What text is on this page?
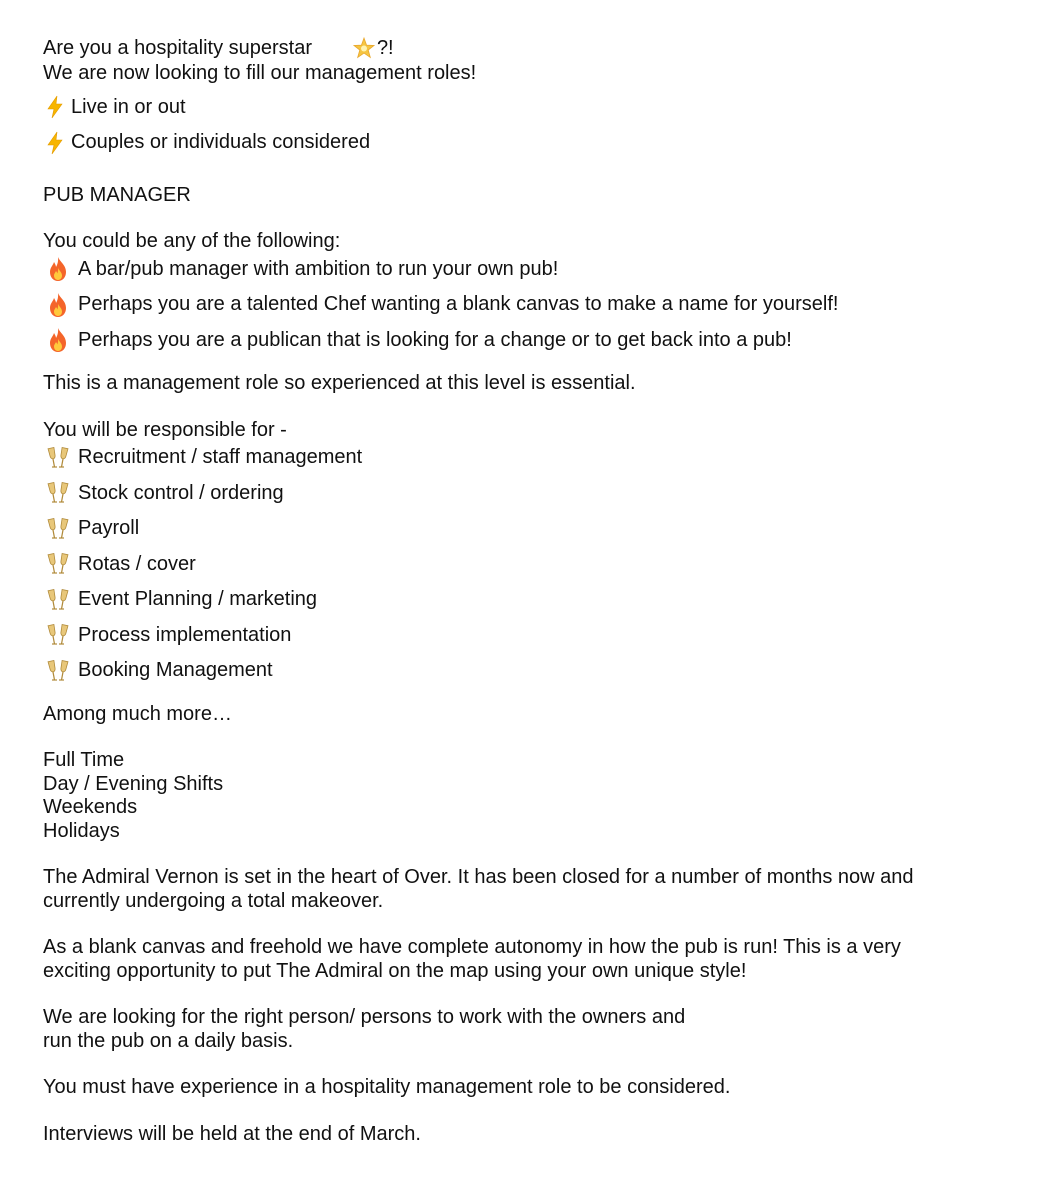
Are you a hospitality superstar

	?!
We are now looking to fill our management roles!
Live in or out
Couples or individuals considered
PUB MANAGER
You could be any of the following:
A bar/pub manager with ambition to run your own pub!
Perhaps you are a talented Chef wanting a blank canvas to make a name for yourself!
Perhaps you are a publican that is looking for a change or to get back into a pub!
This is a management role so experienced at this level is essential.
You will be responsible for -
Recruitment / staff management
Stock control / ordering
Payroll
Rotas / cover
Event Planning / marketing
Process implementation
Booking Management
Among much more…
Full Time
Day / Evening Shifts
Weekends
Holidays
The Admiral Vernon is set in the heart of Over. It has been closed for a number of months now and
currently undergoing a total makeover.
As a blank canvas and freehold we have complete autonomy in how the pub is run! This is a very
exciting opportunity to put The Admiral on the map using your own unique style!
We are looking for the right person/ persons to work with the owners and
run the pub on a daily basis.
You must have experience in a hospitality management role to be considered.
Interviews will be held at the end of March.
